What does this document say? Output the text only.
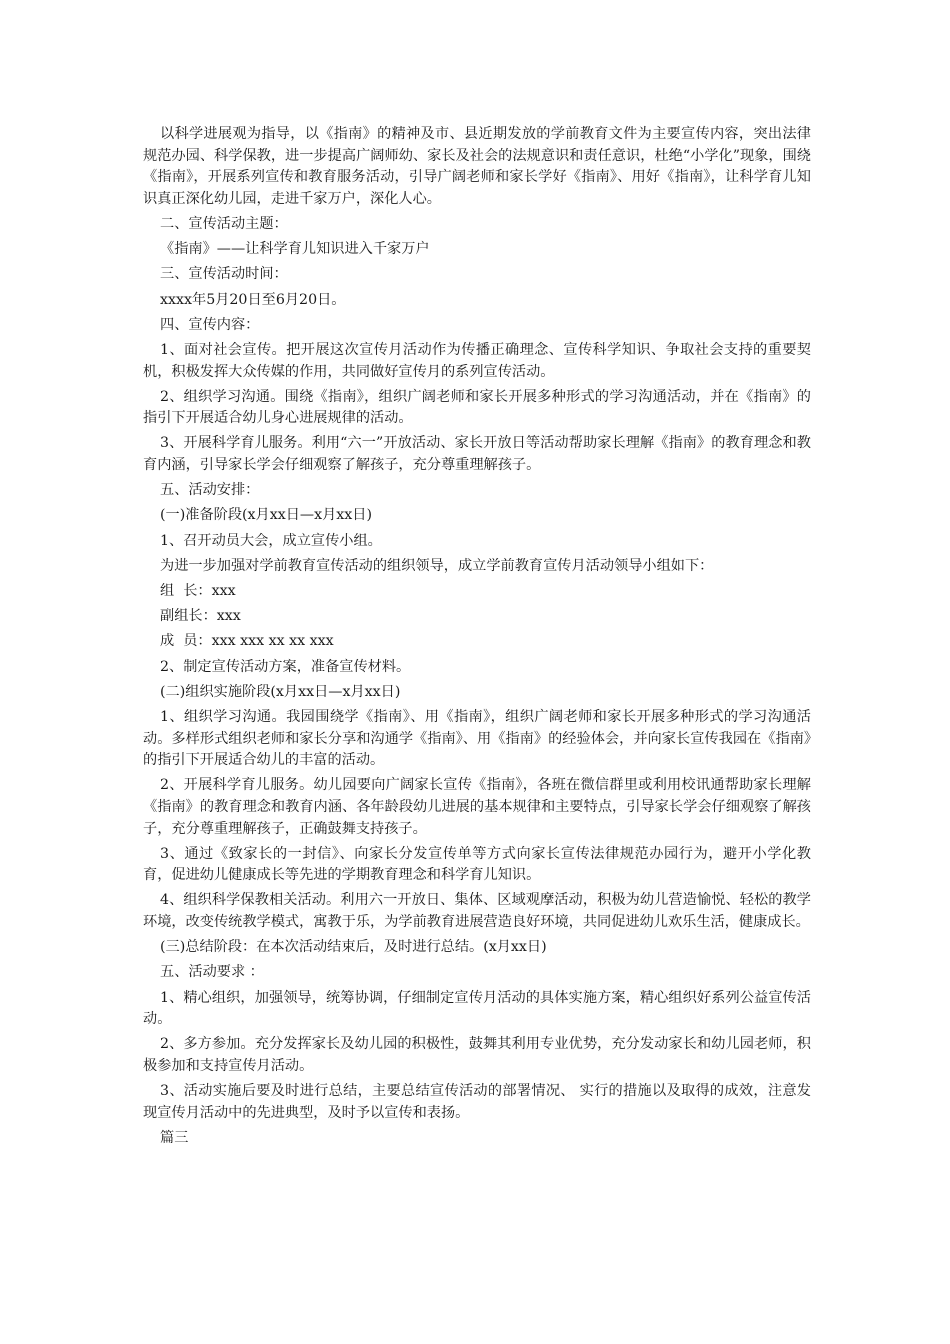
以科学进展观为指导，以《指南》的精神及市、县近期发放的学前教育文件为主要宣传内容，突出法律规范办园、科学保教，进一步提高广阔师幼、家长及社会的法规意识和责任意识，杜绝“小学化”现象，围绕《指南》，开展系列宣传和教育服务活动，引导广阔老师和家长学好《指南》、用好《指南》，让科学育儿知识真正深化幼儿园，走进千家万户，深化人心。

二、宣传活动主题：

《指南》——让科学育儿知识进入千家万户

三、宣传活动时间：

xxxx年5月20日至6月20日。

四、宣传内容：

1、面对社会宣传。把开展这次宣传月活动作为传播正确理念、宣传科学知识、争取社会支持的重要契机，积极发挥大众传媒的作用，共同做好宣传月的系列宣传活动。

2、组织学习沟通。围绕《指南》，组织广阔老师和家长开展多种形式的学习沟通活动，并在《指南》的指引下开展适合幼儿身心进展规律的活动。

3、开展科学育儿服务。利用“六一”开放活动、家长开放日等活动帮助家长理解《指南》的教育理念和教育内涵，引导家长学会仔细观察了解孩子，充分尊重理解孩子。

五、活动安排：

(一)准备阶段(x月xx日—x月xx日)

1、召开动员大会，成立宣传小组。

为进一步加强对学前教育宣传活动的组织领导，成立学前教育宣传月活动领导小组如下：

组  长：xxx

副组长：xxx

成  员：xxx xxx xx xx xxx

2、制定宣传活动方案，准备宣传材料。

(二)组织实施阶段(x月xx日—x月xx日)

1、组织学习沟通。我园围绕学《指南》、用《指南》，组织广阔老师和家长开展多种形式的学习沟通活动。多样形式组织老师和家长分享和沟通学《指南》、用《指南》的经验体会，并向家长宣传我园在《指南》的指引下开展适合幼儿的丰富的活动。

2、开展科学育儿服务。幼儿园要向广阔家长宣传《指南》，各班在微信群里或利用校讯通帮助家长理解《指南》的教育理念和教育内涵、各年龄段幼儿进展的基本规律和主要特点，引导家长学会仔细观察了解孩子，充分尊重理解孩子，正确鼓舞支持孩子。

3、通过《致家长的一封信》、向家长分发宣传单等方式向家长宣传法律规范办园行为，避开小学化教育，促进幼儿健康成长等先进的学期教育理念和科学育儿知识。

4、组织科学保教相关活动。利用六一开放日、集体、区域观摩活动，积极为幼儿营造愉悦、轻松的教学环境，改变传统教学模式，寓教于乐，为学前教育进展营造良好环境，共同促进幼儿欢乐生活，健康成长。

(三)总结阶段：在本次活动结束后，及时进行总结。(x月xx日)

五、活动要求 ：

1、精心组织，加强领导，统筹协调，仔细制定宣传月活动的具体实施方案，精心组织好系列公益宣传活动。

2、多方参加。充分发挥家长及幼儿园的积极性，鼓舞其利用专业优势，充分发动家长和幼儿园老师，积极参加和支持宣传月活动。

3、活动实施后要及时进行总结，主要总结宣传活动的部署情况、 实行的措施以及取得的成效，注意发现宣传月活动中的先进典型，及时予以宣传和表扬。

篇三
